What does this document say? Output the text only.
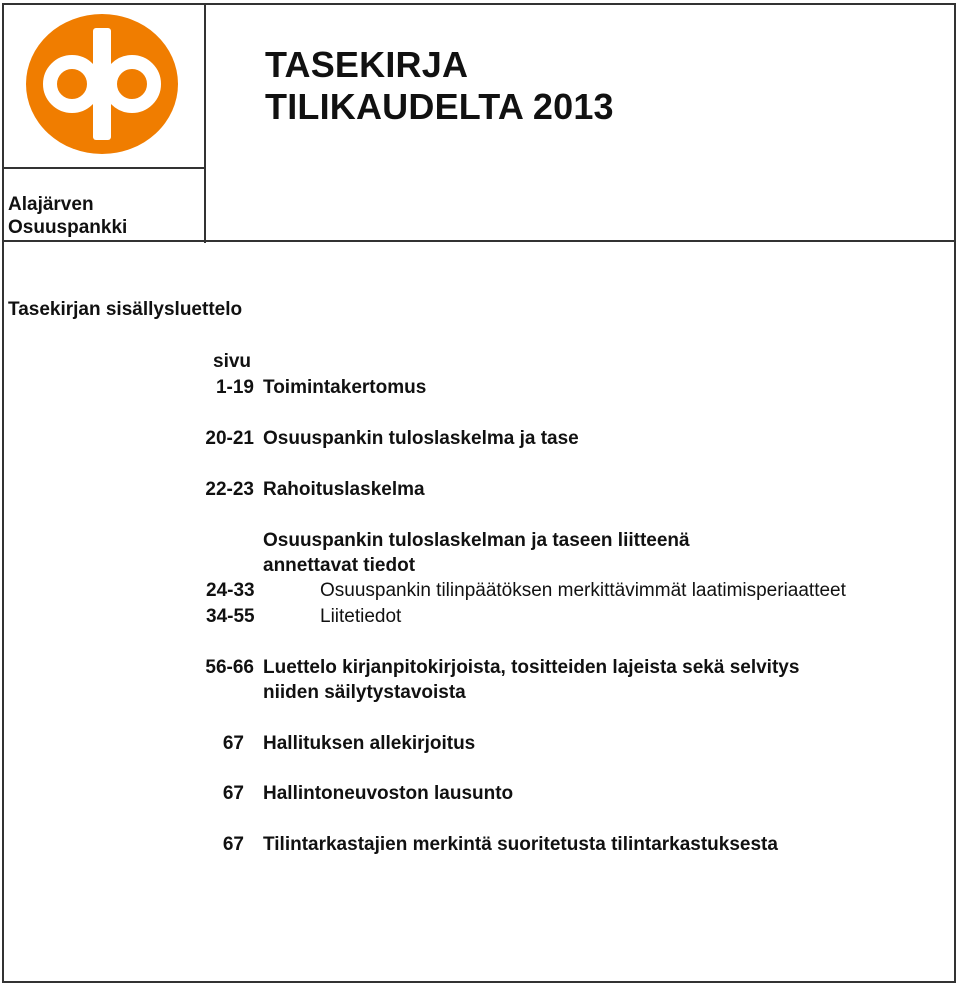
TASEKIRJA
TILIKAUDELTA 2013
Alajärven
Osuuspankki
Tasekirjan sisällysluettelo
sivu
1-19 Toimintakertomus
20-21 Osuuspankin tuloslaskelma ja tase
22-23 Rahoituslaskelma
Osuuspankin tuloslaskelman ja taseen liitteenä
annettavat tiedot
24-33	Osuuspankin tilinpäätöksen merkittävimmät laatimisperiaatteet
34-55	Liitetiedot
56-66 Luettelo kirjanpitokirjoista, tositteiden lajeista sekä selvitys
niiden säilytystavoista
67 Hallituksen allekirjoitus
67 Hallintoneuvoston lausunto
67 Tilintarkastajien merkintä suoritetusta tilintarkastuksesta
